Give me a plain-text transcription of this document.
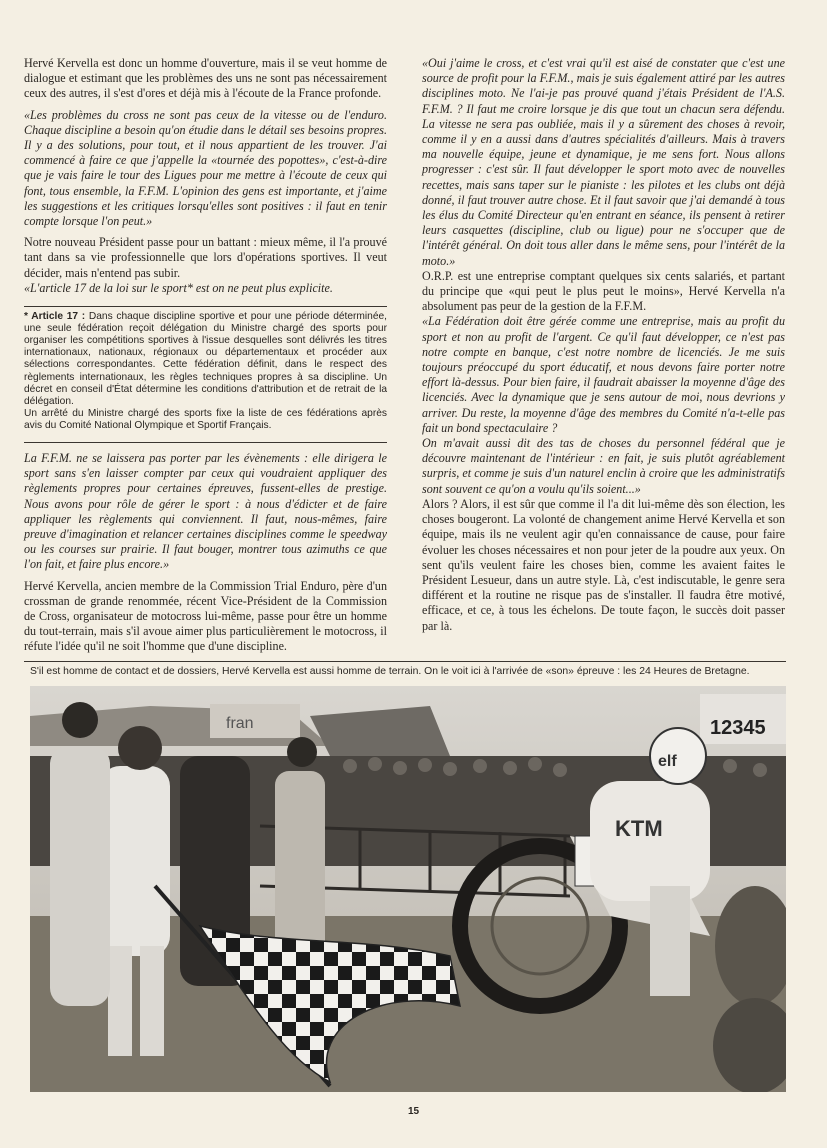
Hervé Kervella est donc un homme d'ouverture, mais il se veut homme de dialogue et estimant que les problèmes des uns ne sont pas nécessairement ceux des autres, il s'est d'ores et déjà mis à l'écoute de la France profonde.

«Les problèmes du cross ne sont pas ceux de la vitesse ou de l'enduro. Chaque discipline a besoin qu'on étudie dans le détail ses besoins propres. Il y a des solutions, pour tout, et il nous appartient de les trouver. J'ai commencé à faire ce que j'appelle la «tournée des popottes», c'est-à-dire que je vais faire le tour des Ligues pour me mettre à l'écoute de ceux qui font, tous ensemble, la F.F.M. L'opinion des gens est importante, et j'aime les suggestions et les critiques lorsqu'elles sont positives : il faut en tenir compte lorsque l'on peut.»

Notre nouveau Président passe pour un battant : mieux même, il l'a prouvé tant dans sa vie professionnelle que lors d'opérations sportives. Il veut décider, mais n'entend pas subir.

«L'article 17 de la loi sur le sport* est on ne peut plus explicite.

* Article 17 : Dans chaque discipline sportive et pour une période déterminée, une seule fédération reçoit délégation du Ministre chargé des sports pour organiser les compétitions sportives à l'issue desquelles sont délivrés les titres internationaux, nationaux, régionaux ou départementaux et procéder aux sélections correspondantes. Cette fédération définit, dans le respect des règlements internationaux, les règles techniques propres à sa discipline. Un décret en conseil d'État détermine les conditions d'attribution et de retrait de la délégation.
Un arrêté du Ministre chargé des sports fixe la liste de ces fédérations après avis du Comité National Olympique et Sportif Français.

La F.F.M. ne se laissera pas porter par les évènements : elle dirigera le sport sans s'en laisser compter par ceux qui voudraient appliquer des règlements propres pour certaines épreuves, fussent-elles de prestige. Nous avons pour rôle de gérer le sport : à nous d'édicter et de faire appliquer les règlements qui conviennent. Il faut, nous-mêmes, faire preuve d'imagination et relancer certaines disciplines comme le speedway ou les courses sur prairie. Il faut bouger, montrer tous azimuths ce que l'on fait, et faire plus encore.»

Hervé Kervella, ancien membre de la Commission Trial Enduro, père d'un crossman de grande renommée, récent Vice-Président de la Commission de Cross, organisateur de motocross lui-même, passe pour être un homme du tout-terrain, mais s'il avoue aimer plus particulièrement le motocross, il réfute l'idée qu'il ne soit l'homme que d'une discipline.

«Oui j'aime le cross, et c'est vrai qu'il est aisé de constater que c'est une source de profit pour la F.F.M., mais je suis également attiré par les autres disciplines moto. Ne l'ai-je pas prouvé quand j'étais Président de l'A.S. F.F.M. ? Il faut me croire lorsque je dis que tout un chacun sera défendu. La vitesse ne sera pas oubliée, mais il y a sûrement des choses à revoir, comme il y en a aussi dans d'autres spécialités d'ailleurs. Mais à travers ma nouvelle équipe, jeune et dynamique, je me sens fort. Nous allons progresser : c'est sûr. Il faut développer le sport moto avec de nouvelles recettes, mais sans taper sur le pianiste : les pilotes et les clubs ont déjà donné, il faut trouver autre chose. Et il faut savoir que j'ai demandé à tous les élus du Comité Directeur qu'en entrant en séance, ils pensent à retirer leurs casquettes (discipline, club ou ligue) pour ne s'occuper que de l'intérêt général. On doit tous aller dans le même sens, pour l'intérêt de la moto.»

O.R.P. est une entreprise comptant quelques six cents salariés, et partant du principe que «qui peut le plus peut le moins», Hervé Kervella n'a absolument pas peur de la gestion de la F.F.M.

«La Fédération doit être gérée comme une entreprise, mais au profit du sport et non au profit de l'argent. Ce qu'il faut développer, ce n'est pas notre compte en banque, c'est notre nombre de licenciés. Je me suis toujours préoccupé du sport éducatif, et nous devons faire porter notre effort là-dessus. Pour bien faire, il faudrait abaisser la moyenne d'âge des licenciés. Avec la dynamique que je sens autour de moi, nous devrions y arriver. Du reste, la moyenne d'âge des membres du Comité n'a-t-elle pas fait un bond spectaculaire ?

On m'avait aussi dit des tas de choses du personnel fédéral que je découvre maintenant de l'intérieur : en fait, je suis plutôt agréablement surpris, et comme je suis d'un naturel enclin à croire que les administratifs sont souvent ce qu'on a voulu qu'ils soient...»

Alors ? Alors, il est sûr que comme il l'a dit lui-même dès son élection, les choses bougeront. La volonté de changement anime Hervé Kervella et son équipe, mais ils ne veulent agir qu'en connaissance de cause, pour faire évoluer les choses nécessaires et non pour jeter de la poudre aux yeux. On sent qu'ils veulent faire les choses bien, comme les avaient faites le Président Lesueur, dans un autre style. Là, c'est indiscutable, le genre sera différent et la routine ne risque pas de s'installer. Il faudra être motivé, efficace, et ce, à tous les échelons. De toute façon, le succès doit passer par là.

S'il est homme de contact et de dossiers, Hervé Kervella est aussi homme de terrain. On le voit ici à l'arrivée de «son» épreuve : les 24 Heures de Bretagne.
fran	12345
KTM
elf
15
